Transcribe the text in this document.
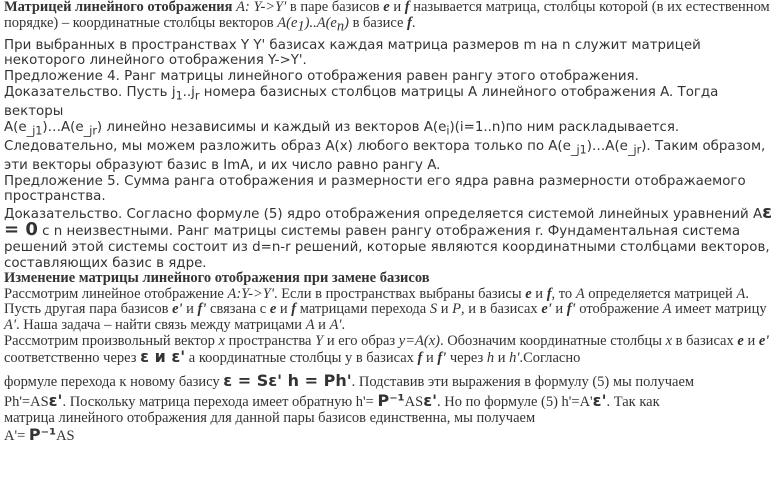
Матрицей линейного отображения A: Y->Y' в паре базисов e и f называется матрица, столбцы которой (в их естественном порядке) – координатные столбцы векторов $A(e_1)..A(e_n)$ в базисе f.

При выбранных в пространствах Y Y' базисах каждая матрица размеров m на n служит матрицей некоторого линейного отображения Y->Y'.

Предложение 4. Ранг матрицы линейного отображения равен рангу этого отображения.

Доказательство. Пусть $j_1..j_r$ номера базисных столбцов матрицы A линейного отображения A. Тогда векторы
$A(e_{\_j1})\dots A(e_{\_jr})$ линейно независимы и каждый из векторов $A(e_i)(i=1..n)по$ ним раскладывается. Следовательно, мы можем разложить образ A(x) любого вектора только по $A(e_{\_j1})\dots A(e_{\_jr})$. Таким образом, эти векторы образуют базис в ImA, и их число равно рангу A.

Предложение 5. Сумма ранга отображения и размерности его ядра равна размерности отображаемого пространства.

Доказательство. Согласно формуле (5) ядро отображения определяется системой линейных уравнений Aε = 0 с n неизвестными. Ранг матрицы системы равен рангу отображения r. Фундаментальная система решений этой системы состоит из d=n-r решений, которые являются координатными столбцами векторов, составляющих базис в ядре.

Изменение матрицы линейного отображения при замене базисов

Рассмотрим линейное отображение A:Y->Y'. Если в пространствах выбраны базисы e и f, то A определяется матрицей A. Пусть другая пара базисов e' и f' связана с e и f матрицами перехода S и P, и в базисах e' и f' отображение A имеет матрицу A'. Наша задача – найти связь между матрицами A и A'.

Рассмотрим произвольный вектор x пространства Y и его образ y=A(x). Обозначим координатные столбцы x в базисах e и e' соответственно через ε и ε' а координатные столбцы y в базисах f и f' через h и h'.Согласно

формуле перехода к новому базису ε = Sε' h = Ph'. Подставив эти выражения в формулу (5) мы получаем

Ph'=ASε'. Поскольку матрица перехода имеет обратную h'= P⁻¹ASε'. Но по формуле (5) h'=A'ε'. Так как

матрица линейного отображения для данной пары базисов единственна, мы получаем

A'= P⁻¹AS
